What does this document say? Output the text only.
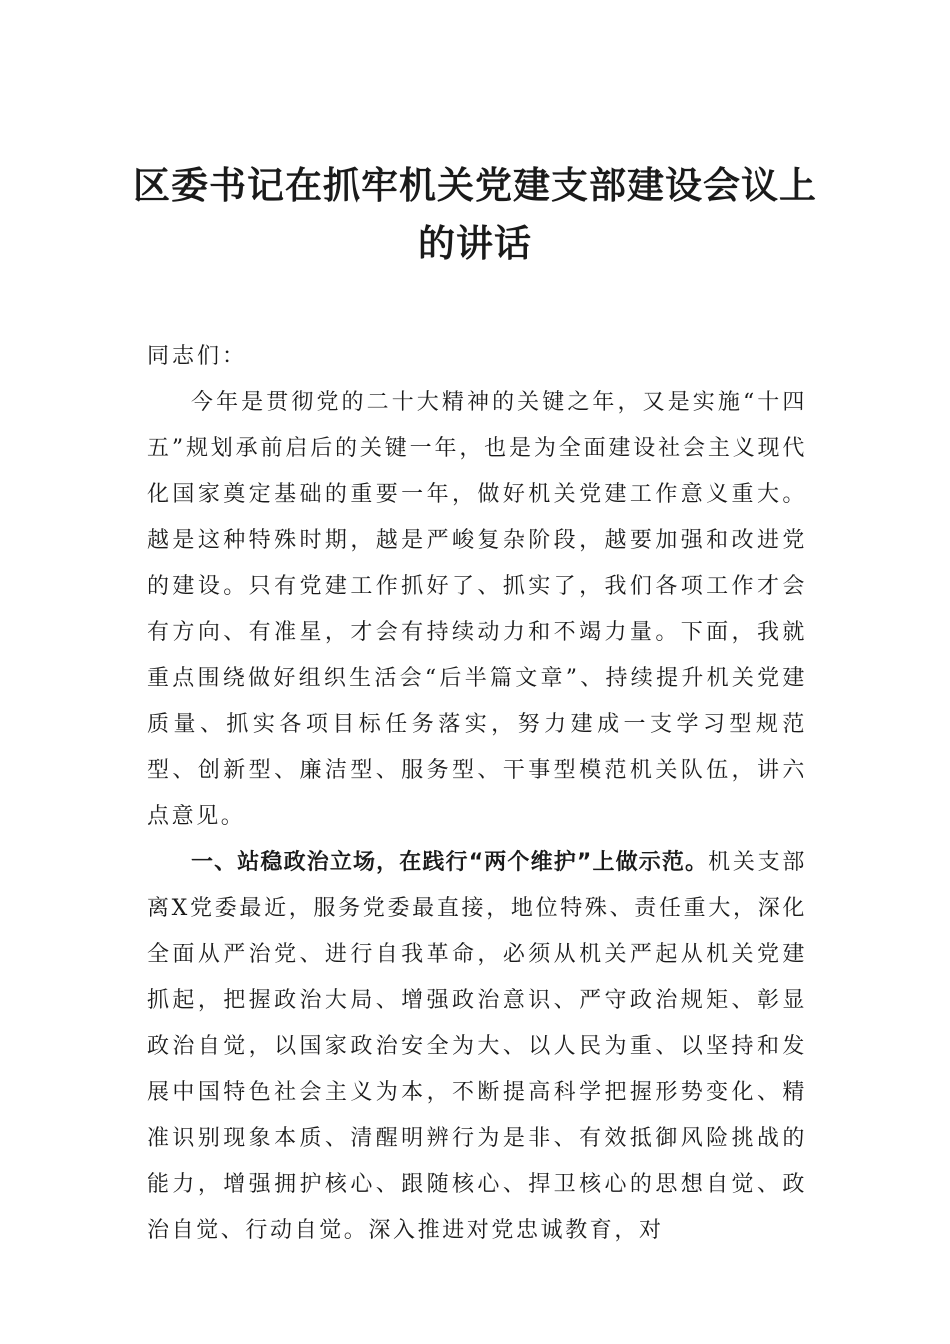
区委书记在抓牢机关党建支部建设会议上
的讲话

同志们：

今年是贯彻党的二十大精神的关键之年，又是实施“十四五”规划承前启后的关键一年，也是为全面建设社会主义现代化国家奠定基础的重要一年，做好机关党建工作意义重大。越是这种特殊时期，越是严峻复杂阶段，越要加强和改进党的建设。只有党建工作抓好了、抓实了，我们各项工作才会有方向、有准星，才会有持续动力和不竭力量。下面，我就重点围绕做好组织生活会“后半篇文章”、持续提升机关党建质量、抓实各项目标任务落实，努力建成一支学习型规范型、创新型、廉洁型、服务型、干事型模范机关队伍，讲六点意见。

一、站稳政治立场，在践行“两个维护”上做示范。机关支部离X党委最近，服务党委最直接，地位特殊、责任重大，深化全面从严治党、进行自我革命，必须从机关严起从机关党建抓起，把握政治大局、增强政治意识、严守政治规矩、彰显政治自觉，以国家政治安全为大、以人民为重、以坚持和发展中国特色社会主义为本，不断提高科学把握形势变化、精准识别现象本质、清醒明辨行为是非、有效抵御风险挑战的能力，增强拥护核心、跟随核心、捍卫核心的思想自觉、政治自觉、行动自觉。深入推进对党忠诚教育，对
